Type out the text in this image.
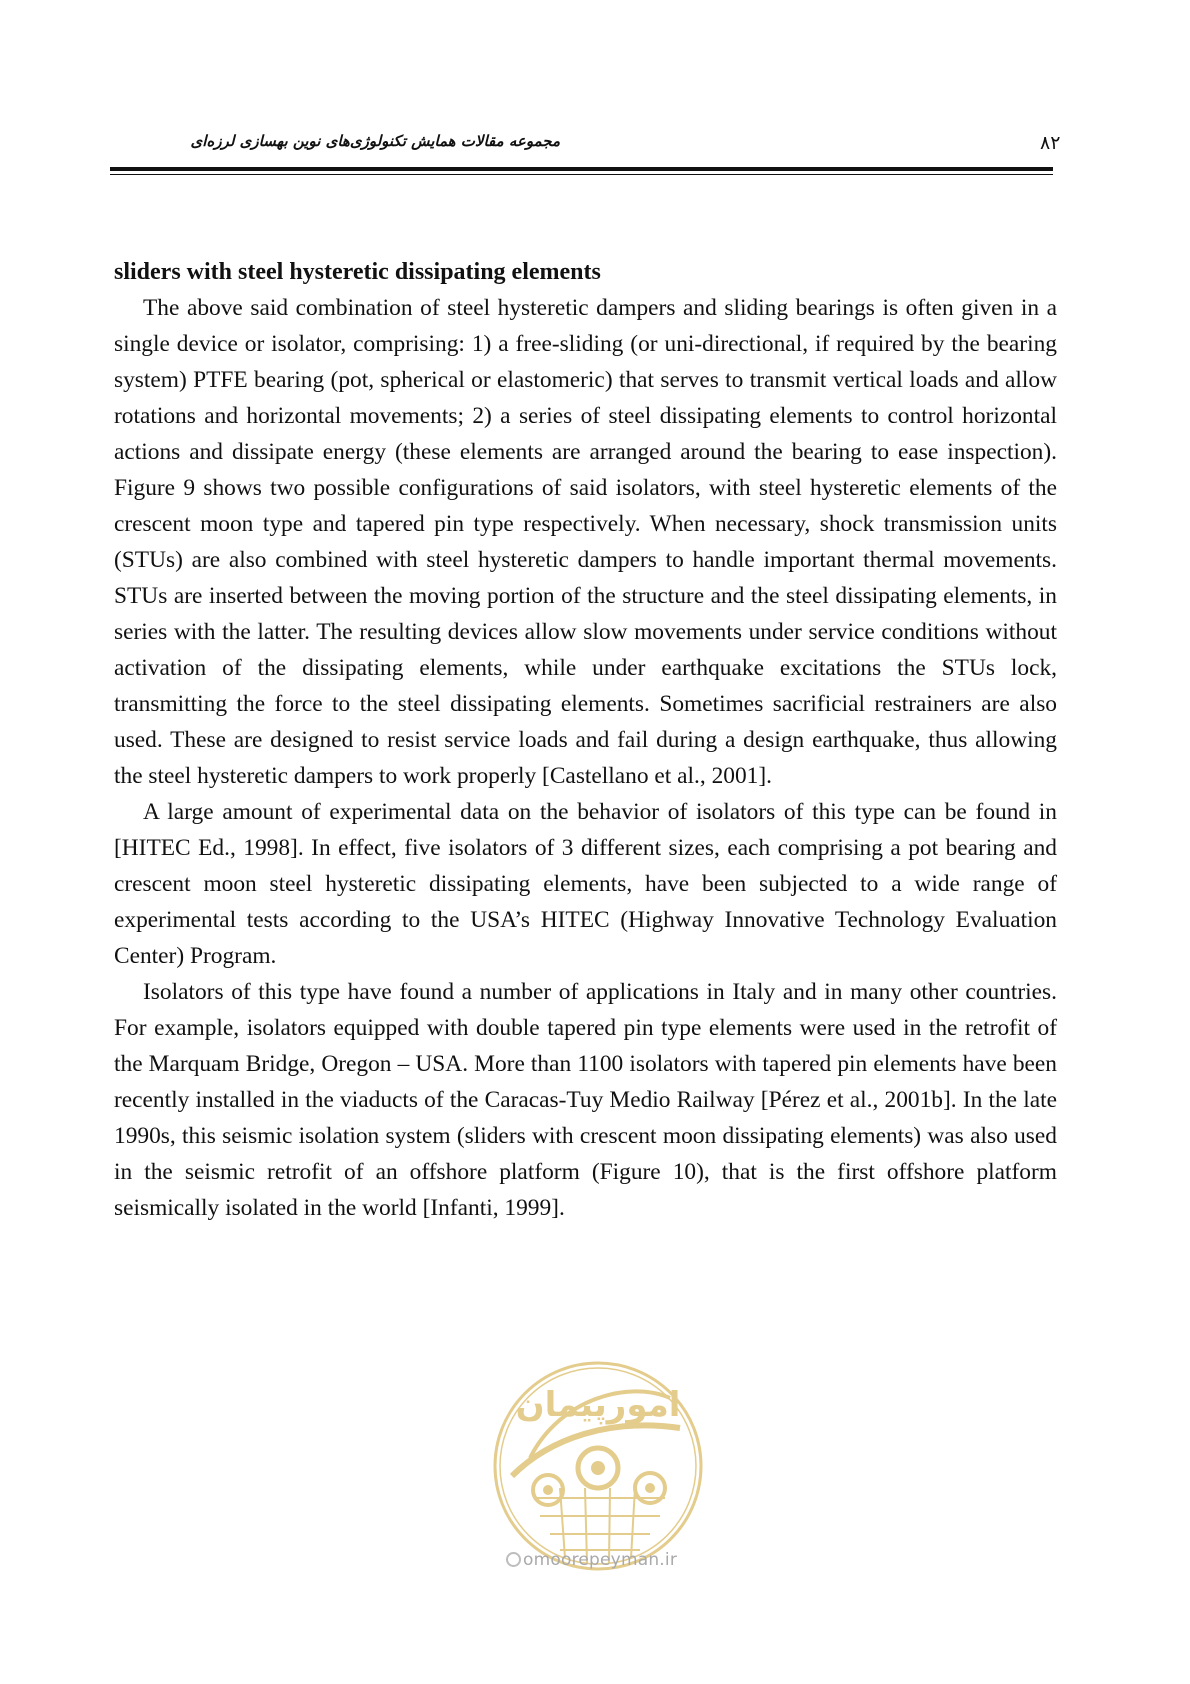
۸۲
مجموعه مقالات همایش تکنولوژی‌های نوین بهسازی لرزه‌ای
sliders with steel hysteretic dissipating elements

The above said combination of steel hysteretic dampers and sliding bearings is often given in a single device or isolator, comprising: 1) a free-sliding (or uni-directional, if required by the bearing system) PTFE bearing (pot, spherical or elastomeric) that serves to transmit vertical loads and allow rotations and horizontal movements; 2) a series of steel dissipating elements to control horizontal actions and dissipate energy (these elements are arranged around the bearing to ease inspection). Figure 9 shows two possible configurations of said isolators, with steel hysteretic elements of the crescent moon type and tapered pin type respectively. When necessary, shock transmission units (STUs) are also combined with steel hysteretic dampers to handle important thermal movements. STUs are inserted between the moving portion of the structure and the steel dissipating elements, in series with the latter. The resulting devices allow slow movements under service conditions without activation of the dissipating elements, while under earthquake excitations the STUs lock, transmitting the force to the steel dissipating elements. Sometimes sacrificial restrainers are also used. These are designed to resist service loads and fail during a design earthquake, thus allowing the steel hysteretic dampers to work properly [Castellano et al., 2001].

A large amount of experimental data on the behavior of isolators of this type can be found in [HITEC Ed., 1998]. In effect, five isolators of 3 different sizes, each comprising a pot bearing and crescent moon steel hysteretic dissipating elements, have been subjected to a wide range of experimental tests according to the USA’s HITEC (Highway Innovative Technology Evaluation Center) Program.

Isolators of this type have found a number of applications in Italy and in many other countries. For example, isolators equipped with double tapered pin type elements were used in the retrofit of the Marquam Bridge, Oregon – USA. More than 1100 isolators with tapered pin elements have been recently installed in the viaducts of the Caracas-Tuy Medio Railway [Pérez et al., 2001b]. In the late 1990s, this seismic isolation system (sliders with crescent moon dissipating elements) was also used in the seismic retrofit of an offshore platform (Figure 10), that is the first offshore platform seismically isolated in the world [Infanti, 1999].

امورپیمان
omoorepeyman.ir
